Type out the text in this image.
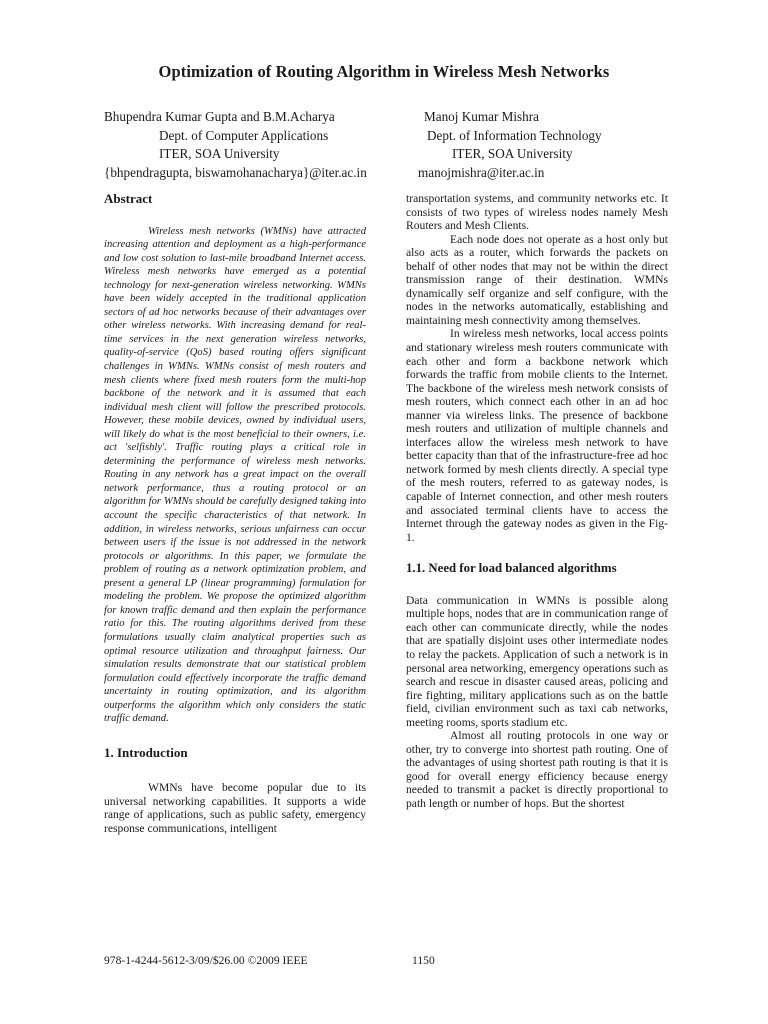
Optimization of Routing Algorithm in Wireless Mesh Networks
Bhupendra Kumar Gupta and B.M.Acharya
Dept. of Computer Applications
ITER, SOA University
{bhpendragupta, biswamohanacharya}@iter.ac.in
Manoj Kumar Mishra
Dept. of Information Technology
ITER, SOA University
manojmishra@iter.ac.in
Abstract

Wireless mesh networks (WMNs) have attracted increasing attention and deployment as a high-performance and low cost solution to last-mile broadband Internet access. Wireless mesh networks have emerged as a potential technology for next-generation wireless networking. WMNs have been widely accepted in the traditional application sectors of ad hoc networks because of their advantages over other wireless networks. With increasing demand for real-time services in the next generation wireless networks, quality-of-service (QoS) based routing offers significant challenges in WMNs. WMNs consist of mesh routers and mesh clients where fixed mesh routers form the multi-hop backbone of the network and it is assumed that each individual mesh client will follow the prescribed protocols. However, these mobile devices, owned by individual users, will likely do what is the most beneficial to their owners, i.e. act 'selfishly'. Traffic routing plays a critical role in determining the performance of wireless mesh networks. Routing in any network has a great impact on the overall network performance, thus a routing protocol or an algorithm for WMNs should be carefully designed taking into account the specific characteristics of that network. In addition, in wireless networks, serious unfairness can occur between users if the issue is not addressed in the network protocols or algorithms. In this paper, we formulate the problem of routing as a network optimization problem, and present a general LP (linear programming) formulation for modeling the problem. We propose the optimized algorithm for known traffic demand and then explain the performance ratio for this. The routing algorithms derived from these formulations usually claim analytical properties such as optimal resource utilization and throughput fairness. Our simulation results demonstrate that our statistical problem formulation could effectively incorporate the traffic demand uncertainty in routing optimization, and its algorithm outperforms the algorithm which only considers the static traffic demand.

1. Introduction

WMNs have become popular due to its universal networking capabilities. It supports a wide range of applications, such as public safety, emergency response communications, intelligent

transportation systems, and community networks etc. It consists of two types of wireless nodes namely Mesh Routers and Mesh Clients.

Each node does not operate as a host only but also acts as a router, which forwards the packets on behalf of other nodes that may not be within the direct transmission range of their destination. WMNs dynamically self organize and self configure, with the nodes in the networks automatically, establishing and maintaining mesh connectivity among themselves.

In wireless mesh networks, local access points and stationary wireless mesh routers communicate with each other and form a backbone network which forwards the traffic from mobile clients to the Internet. The backbone of the wireless mesh network consists of mesh routers, which connect each other in an ad hoc manner via wireless links. The presence of backbone mesh routers and utilization of multiple channels and interfaces allow the wireless mesh network to have better capacity than that of the infrastructure-free ad hoc network formed by mesh clients directly. A special type of the mesh routers, referred to as gateway nodes, is capable of Internet connection, and other mesh routers and associated terminal clients have to access the Internet through the gateway nodes as given in the Fig-1.

1.1. Need for load balanced algorithms

Data communication in WMNs is possible along multiple hops, nodes that are in communication range of each other can communicate directly, while the nodes that are spatially disjoint uses other intermediate nodes to relay the packets. Application of such a network is in personal area networking, emergency operations such as search and rescue in disaster caused areas, policing and fire fighting, military applications such as on the battle field, civilian environment such as taxi cab networks, meeting rooms, sports stadium etc.

Almost all routing protocols in one way or other, try to converge into shortest path routing. One of the advantages of using shortest path routing is that it is good for overall energy efficiency because energy needed to transmit a packet is directly proportional to path length or number of hops. But the shortest

978-1-4244-5612-3/09/$26.00 ©2009 IEEE	1150
